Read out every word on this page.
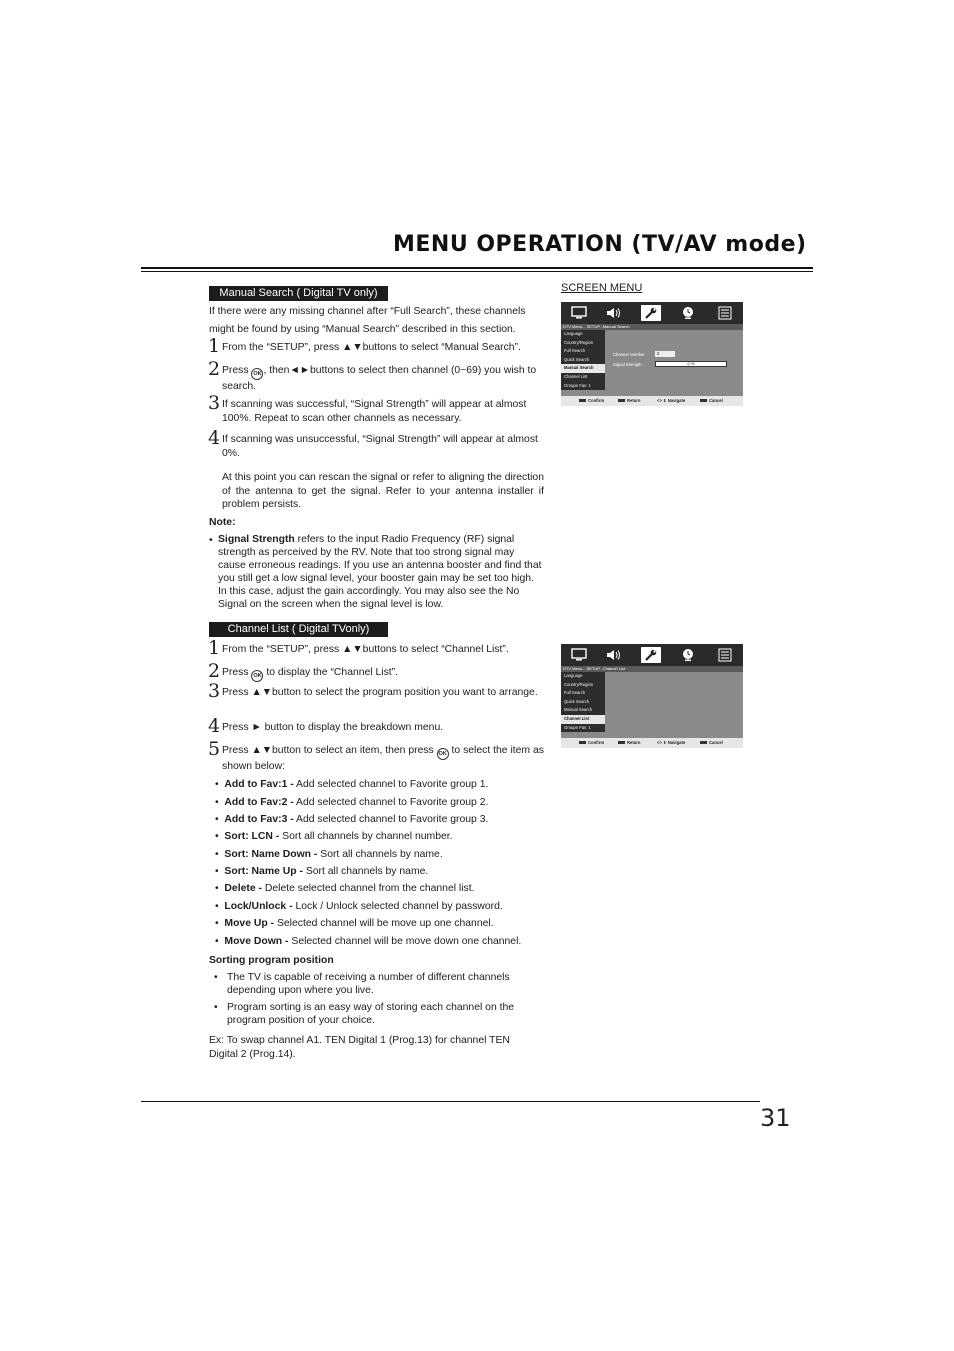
MENU OPERATION (TV/AV mode)
Manual Search ( Digital TV only)
If there were any missing channel after “Full Search”, these channels
might be found by using “Manual Search” described in this section.
1 From the “SETUP”, press ▲▼buttons to select “Manual Search”.
2 Press OK , then◄►buttons to select then channel (0~69) you wish to search.
3 If scanning was successful, “Signal Strength” will appear at almost 100%. Repeat to scan other channels as necessary.
4 If scanning was unsuccessful, “Signal Strength” will appear at almost 0%.
At this point you can rescan the signal or refer to aligning the direction of the antenna to get the signal. Refer to your antenna installer if problem persists.
Note:
• Signal Strength refers to the input Radio Frequency (RF) signal strength as perceived by the RV. Note that too strong signal may cause erroneous readings. If you use an antenna booster and find that you still get a low signal level, your booster gain may be set too high. In this case, adjust the gain accordingly. You may also see the No Signal on the screen when the signal level is low.
Channel List ( Digital TVonly)
1 From the “SETUP”, press ▲▼buttons to select “Channel List”.
2 Press OK to display the “Channel List”.
3 Press ▲▼button to select the program position you want to arrange.
4 Press ► button to display the breakdown menu.
5 Press ▲▼button to select an item, then press OK to select the item as shown below:
• Add to Fav:1 - Add selected channel to Favorite group 1.
• Add to Fav:2 - Add selected channel to Favorite group 2.
• Add to Fav:3 - Add selected channel to Favorite group 3.
• Sort: LCN - Sort all channels by channel number.
• Sort: Name Down - Sort all channels by name.
• Sort: Name Up - Sort all channels by name.
• Delete - Delete selected channel from the channel list.
• Lock/Unlock - Lock / Unlock selected channel by password.
• Move Up - Selected channel will be move up one channel.
• Move Down - Selected channel will be move down one channel.
Sorting program position
• The TV is capable of receiving a number of different channels depending upon where you live.
• Program sorting is an easy way of storing each channel on the program position of your choice.
Ex: To swap channel A1. TEN Digital 1 (Prog.13) for channel TEN Digital 2 (Prog.14).
SCREEN MENU
DTV Menu... SETUP...Manual Search
Language
Country/Region
Full Search
Quick Search
Manual Search
Channel List
Groupe Fav: 1
Channel Number	0
Signal Strength	0 %
Confirm	Return	<> ⇕ Navigate	Cancel
DTV Menu... SETUP...Channel List
Language
Country/Region
Full Search
Quick Search
Manual Search
Channel List
Groupe Fav: 1
Confirm	Return	<> ⇕ Navigate	Cancel
31
